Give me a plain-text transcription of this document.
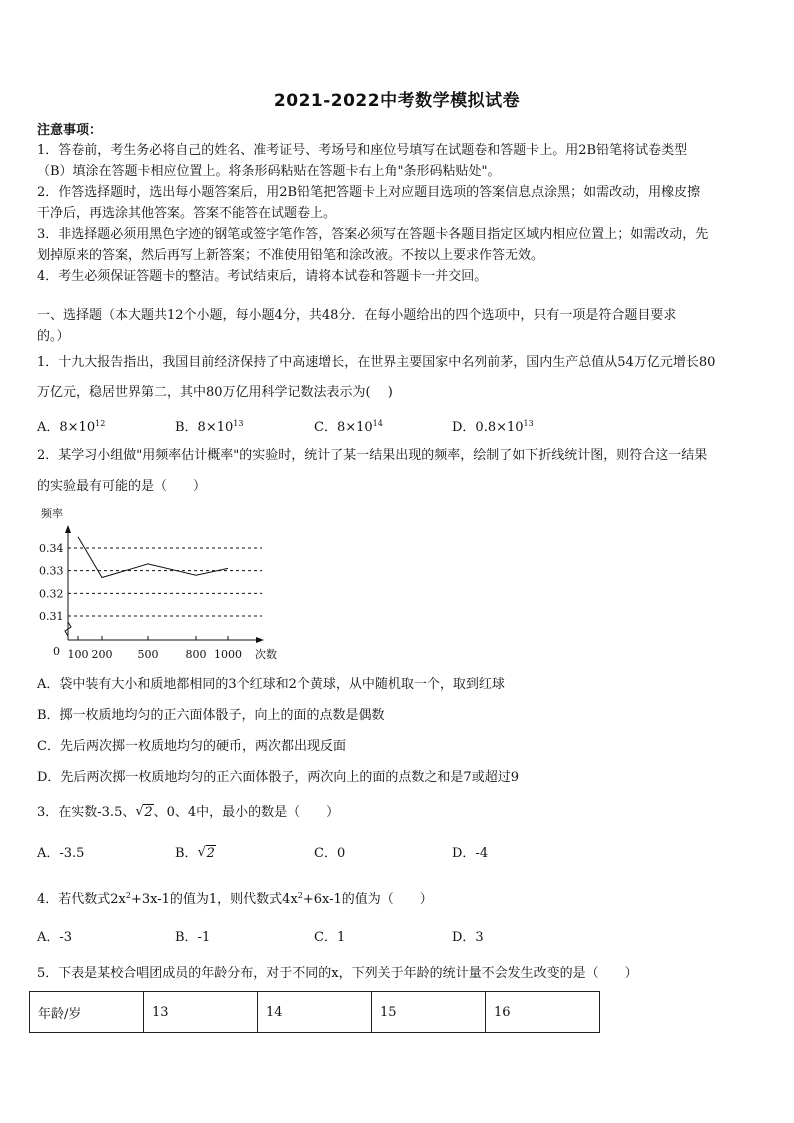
2021-2022中考数学模拟试卷
注意事项：
1．答卷前，考生务必将自己的姓名、准考证号、考场号和座位号填写在试题卷和答题卡上。用2B铅笔将试卷类型
（B）填涂在答题卡相应位置上。将条形码粘贴在答题卡右上角"条形码粘贴处"。
2．作答选择题时，选出每小题答案后，用2B铅笔把答题卡上对应题目选项的答案信息点涂黑；如需改动，用橡皮擦
干净后，再选涂其他答案。答案不能答在试题卷上。
3．非选择题必须用黑色字迹的钢笔或签字笔作答，答案必须写在答题卡各题目指定区域内相应位置上；如需改动，先
划掉原来的答案，然后再写上新答案；不准使用铅笔和涂改液。不按以上要求作答无效。
4．考生必须保证答题卡的整洁。考试结束后，请将本试卷和答题卡一并交回。
一、选择题（本大题共12个小题，每小题4分，共48分．在每小题给出的四个选项中，只有一项是符合题目要求
的。）
1．十九大报告指出，我国目前经济保持了中高速增长，在世界主要国家中名列前茅，国内生产总值从54万亿元增长80
万亿元，稳居世界第二，其中80万亿用科学记数法表示为(　 )
A．$8\times 10^{12}$	B．$8\times 10^{13}$	C．$8\times 10^{14}$	D．$0.8\times 10^{13}$
2．某学习小组做"用频率估计概率"的实验时，统计了某一结果出现的频率，绘制了如下折线统计图，则符合这一结果
的实验最有可能的是（　　）
频率
次数
0
0.34
0.33
0.32
0.31
100 200 500 800 1000
A．袋中装有大小和质地都相同的3个红球和2个黄球，从中随机取一个，取到红球
B．掷一枚质地均匀的正六面体骰子，向上的面的点数是偶数
C．先后两次掷一枚质地均匀的硬币，两次都出现反面
D．先后两次掷一枚质地均匀的正六面体骰子，两次向上的面的点数之和是7或超过9
3．在实数-3.5、 √ 2、0、4中，最小的数是（　　）
A．-3.5	B． √ 2	C．0	D．-4
4．若代数式$2x^2+3x-1$的值为1，则代数式$4x^2+6x-1$的值为（　　）
A．-3	B．-1	C．1	D．3
5．下表是某校合唱团成员的年龄分布，对于不同的x，下列关于年龄的统计量不会发生改变的是（　　）
年龄/岁	13	14	15	16
